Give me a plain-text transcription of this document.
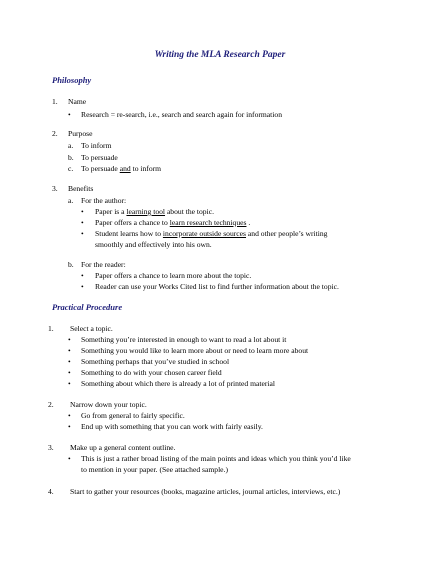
Writing the MLA Research Paper
Philosophy
1. Name
• Research = re-search, i.e., search and search again for information
2. Purpose
a. To inform
b. To persuade
c. To persuade and to inform
3. Benefits
a. For the author:
• Paper is a learning tool about the topic.
• Paper offers a chance to learn research techniques .
• Student learns how to incorporate outside sources and other people’s writing
smoothly and effectively into his own.
b. For the reader:
• Paper offers a chance to learn more about the topic.
• Reader can use your Works Cited list to find further information about the topic.
Practical Procedure
1. Select a topic.
• Something you’re interested in enough to want to read a lot about it
• Something you would like to learn more about or need to learn more about
• Something perhaps that you’ve studied in school
• Something to do with your chosen career field
• Something about which there is already a lot of printed material
2. Narrow down your topic.
• Go from general to fairly specific.
• End up with something that you can work with fairly easily.
3. Make up a general content outline.
• This is just a rather broad listing of the main points and ideas which you think you’d like
to mention in your paper. (See attached sample.)
4. Start to gather your resources (books, magazine articles, journal articles, interviews, etc.)
